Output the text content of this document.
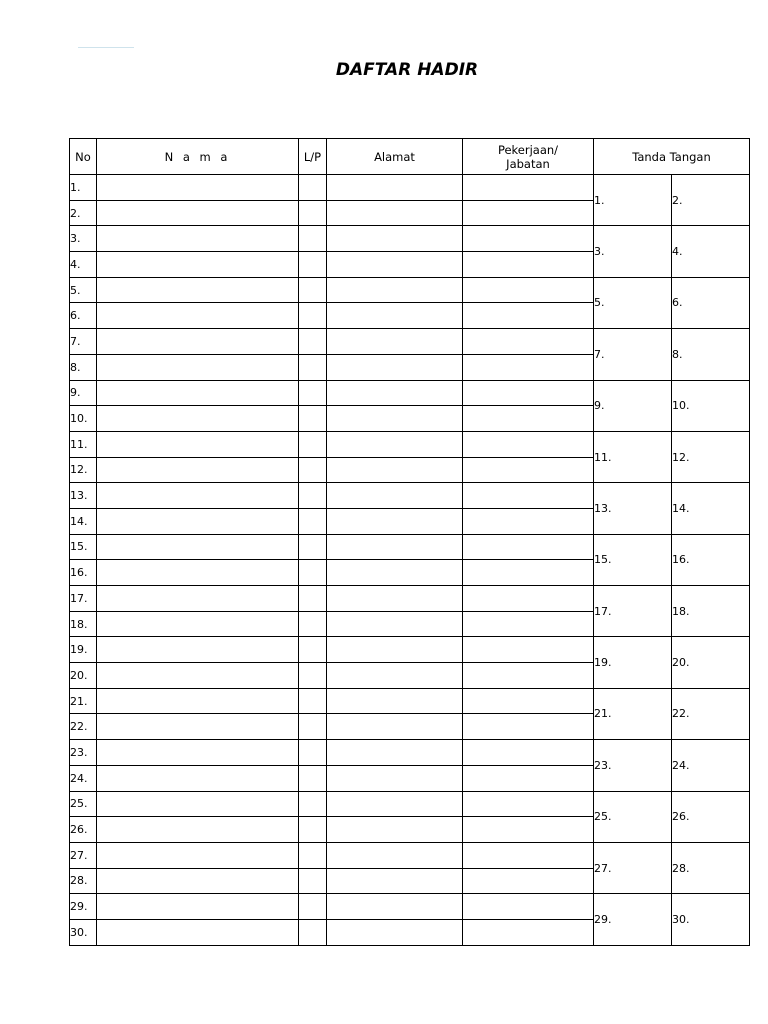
DAFTAR HADIR
No	N a m a	L/P	Alamat	Pekerjaan/
Jabatan	Tanda Tangan	
1.					1.	2.
2.						
3.					3.	4.
4.						
5.					5.	6.
6.						
7.					7.	8.
8.						
9.					9.	10.
10.						
11.					11.	12.
12.						
13.					13.	14.
14.						
15.					15.	16.
16.						
17.					17.	18.
18.						
19.					19.	20.
20.						
21.					21.	22.
22.						
23.					23.	24.
24.						
25.					25.	26.
26.						
27.					27.	28.
28.						
29.					29.	30.
30.						
